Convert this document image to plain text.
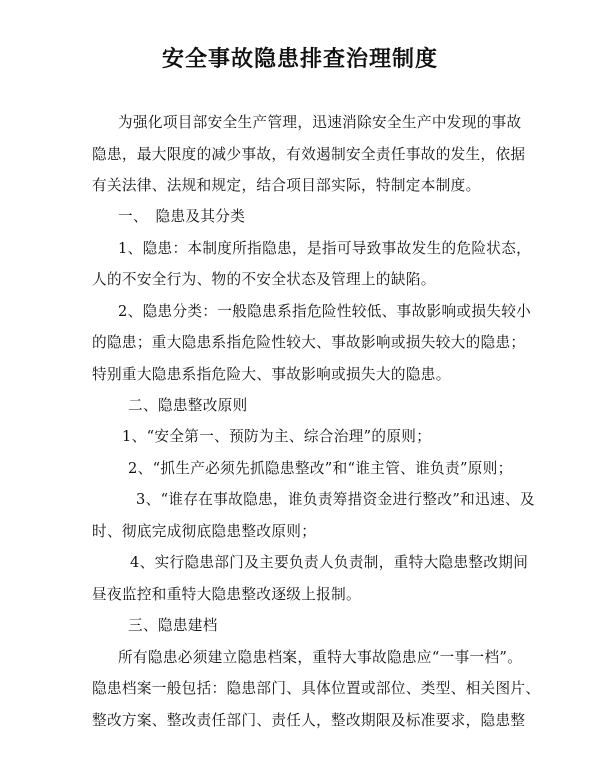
安全事故隐患排查治理制度
为强化项目部安全生产管理，迅速消除安全生产中发现的事故
隐患，最大限度的减少事故，有效遏制安全责任事故的发生，依据
有关法律、法规和规定，结合项目部实际，特制定本制度。
一、　隐患及其分类
1、隐患：本制度所指隐患，是指可导致事故发生的危险状态，
人的不安全行为、物的不安全状态及管理上的缺陷。
2、隐患分类：一般隐患系指危险性较低、事故影响或损失较小
的隐患；重大隐患系指危险性较大、事故影响或损失较大的隐患；
特别重大隐患系指危险大、事故影响或损失大的隐患。
二、隐患整改原则
1、“安全第一、预防为主、综合治理”的原则；
2、“抓生产必须先抓隐患整改”和“谁主管、谁负责”原则；
3、“谁存在事故隐患，谁负责筹措资金进行整改”和迅速、及
时、彻底完成彻底隐患整改原则；
4、实行隐患部门及主要负责人负责制，重特大隐患整改期间
昼夜监控和重特大隐患整改逐级上报制。
三、隐患建档
所有隐患必须建立隐患档案，重特大事故隐患应“一事一档”。
隐患档案一般包括：隐患部门、具体位置或部位、类型、相关图片、
整改方案、整改责任部门、责任人，整改期限及标准要求，隐患整
